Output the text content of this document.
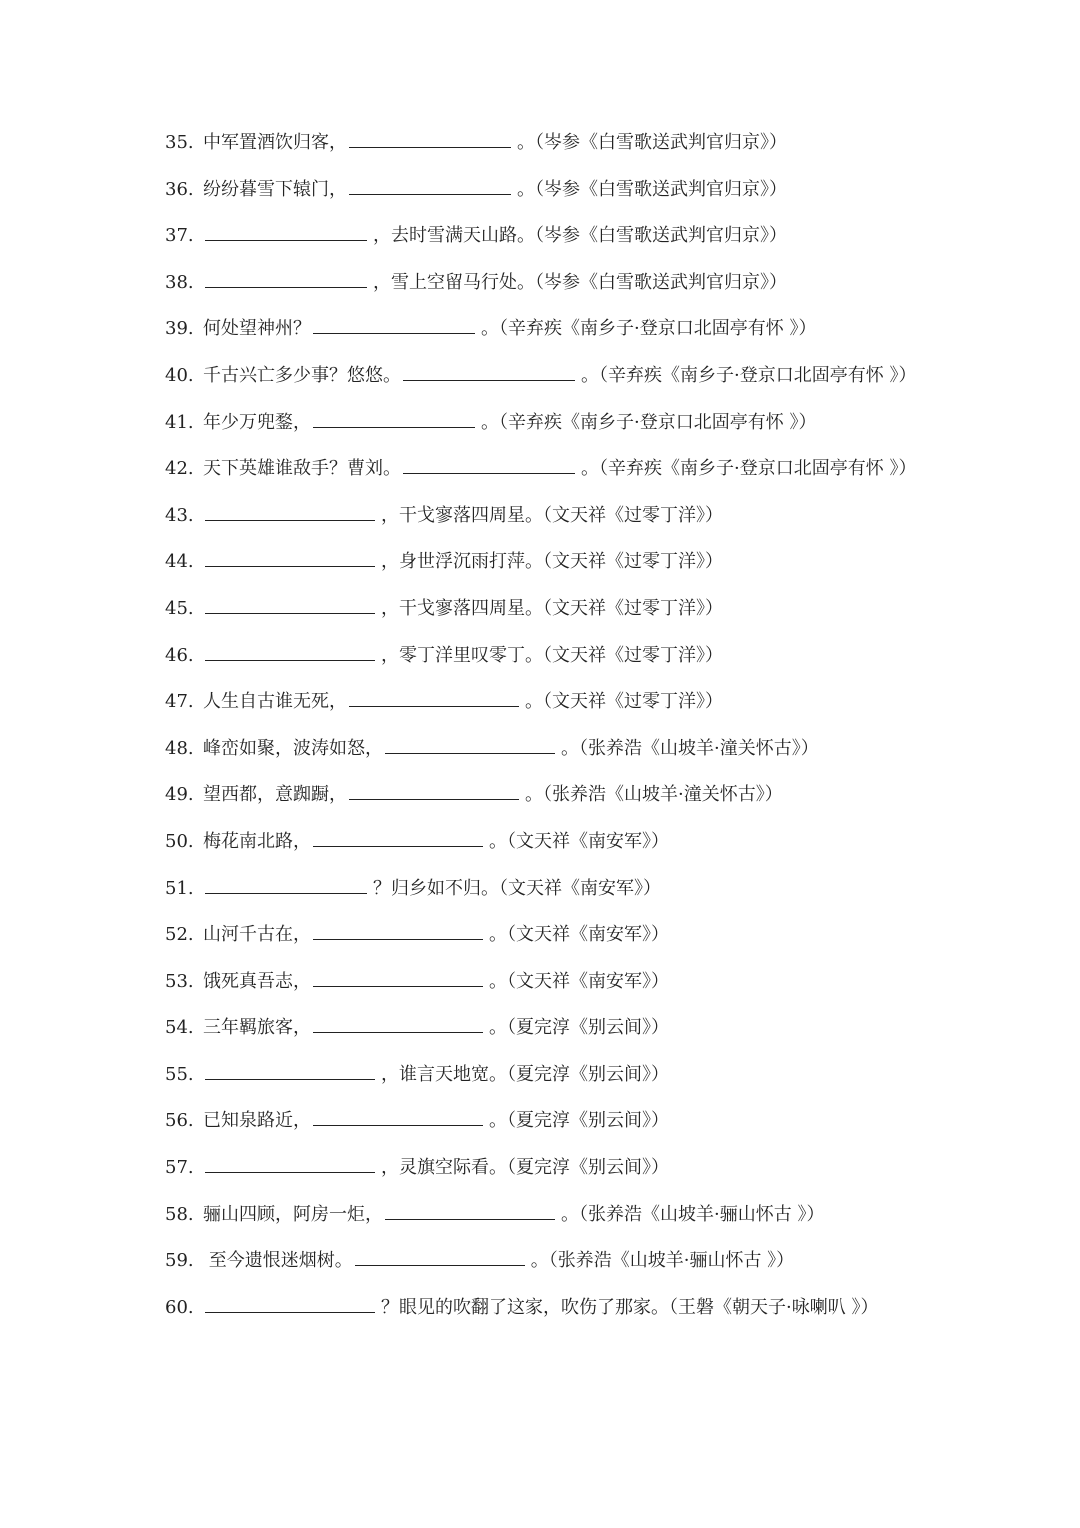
35. 中军置酒饮归客，	。（岑参《白雪歌送武判官归京》）
36. 纷纷暮雪下辕门，	。（岑参《白雪歌送武判官归京》）
37.	，去时雪满天山路。（岑参《白雪歌送武判官归京》）
38.	，雪上空留马行处。（岑参《白雪歌送武判官归京》）
39. 何处望神州？	。（辛弃疾《南乡子·登京口北固亭有怀 》）
40. 千古兴亡多少事？悠悠。	。（辛弃疾《南乡子·登京口北固亭有怀 》）
41. 年少万兜鍪，	。（辛弃疾《南乡子·登京口北固亭有怀 》）
42. 天下英雄谁敌手？曹刘。	。（辛弃疾《南乡子·登京口北固亭有怀 》）
43.	，干戈寥落四周星。（文天祥《过零丁洋》）
44.	，身世浮沉雨打萍。（文天祥《过零丁洋》）
45.	，干戈寥落四周星。（文天祥《过零丁洋》）
46.	，零丁洋里叹零丁。（文天祥《过零丁洋》）
47. 人生自古谁无死，	。（文天祥《过零丁洋》）
48. 峰峦如聚，波涛如怒，	。（张养浩《山坡羊·潼关怀古》）
49. 望西都，意踟蹰，	。（张养浩《山坡羊·潼关怀古》）
50. 梅花南北路，	。（文天祥《南安军》）
51.	？归乡如不归。（文天祥《南安军》）
52. 山河千古在，	。（文天祥《南安军》）
53. 饿死真吾志，	。（文天祥《南安军》）
54. 三年羁旅客，	。（夏完淳《别云间》）
55.	，谁言天地宽。（夏完淳《别云间》）
56. 已知泉路近，	。（夏完淳《别云间》）
57.	，灵旗空际看。（夏完淳《别云间》）
58. 骊山四顾，阿房一炬，	。（张养浩《山坡羊·骊山怀古 》）
59. 至今遗恨迷烟树。	。（张养浩《山坡羊·骊山怀古 》）
60.	？眼见的吹翻了这家，吹伤了那家。（王磐《朝天子·咏喇叭 》）
